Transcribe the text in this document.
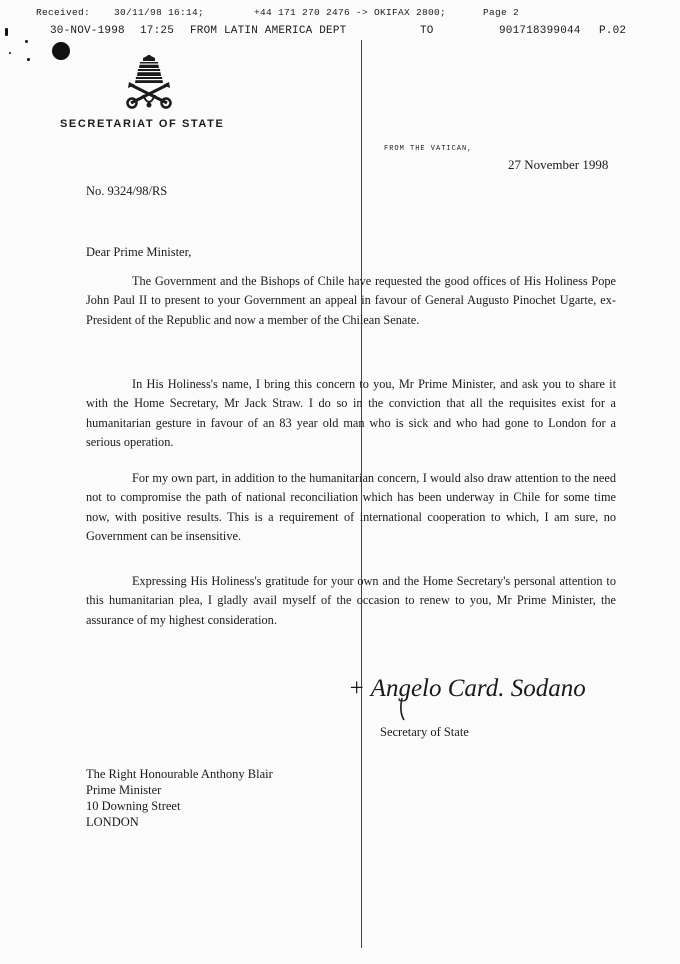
Received:	30/11/98 16:14;	+44 171 270 2476 -> OKIFAX 2800;	Page 2
30-NOV-1998 17:25 FROM LATIN AMERICA DEPT	TO	901718399044 P.02
SECRETARIAT OF STATE
FROM THE VATICAN,
27 November 1998
No. 9324/98/RS
Dear Prime Minister,
The Government and the Bishops of Chile have requested the good offices of His Holiness Pope John Paul II to present to your Government an appeal in favour of General Augusto Pinochet Ugarte, ex-President of the Republic and now a member of the Chilean Senate.
In His Holiness's name, I bring this concern to you, Mr Prime Minister, and ask you to share it with the Home Secretary, Mr Jack Straw. I do so in the conviction that all the requisites exist for a humanitarian gesture in favour of an 83 year old man who is sick and who had gone to London for a serious operation.
For my own part, in addition to the humanitarian concern, I would also draw attention to the need not to compromise the path of national reconciliation which has been underway in Chile for some time now, with positive results. This is a requirement of international cooperation to which, I am sure, no Government can be insensitive.
Expressing His Holiness's gratitude for your own and the Home Secretary's personal attention to this humanitarian plea, I gladly avail myself of the occasion to renew to you, Mr Prime Minister, the assurance of my highest consideration.
+ Angelo Card. Sodano
Secretary of State
The Right Honourable Anthony Blair
Prime Minister
10 Downing Street
LONDON
